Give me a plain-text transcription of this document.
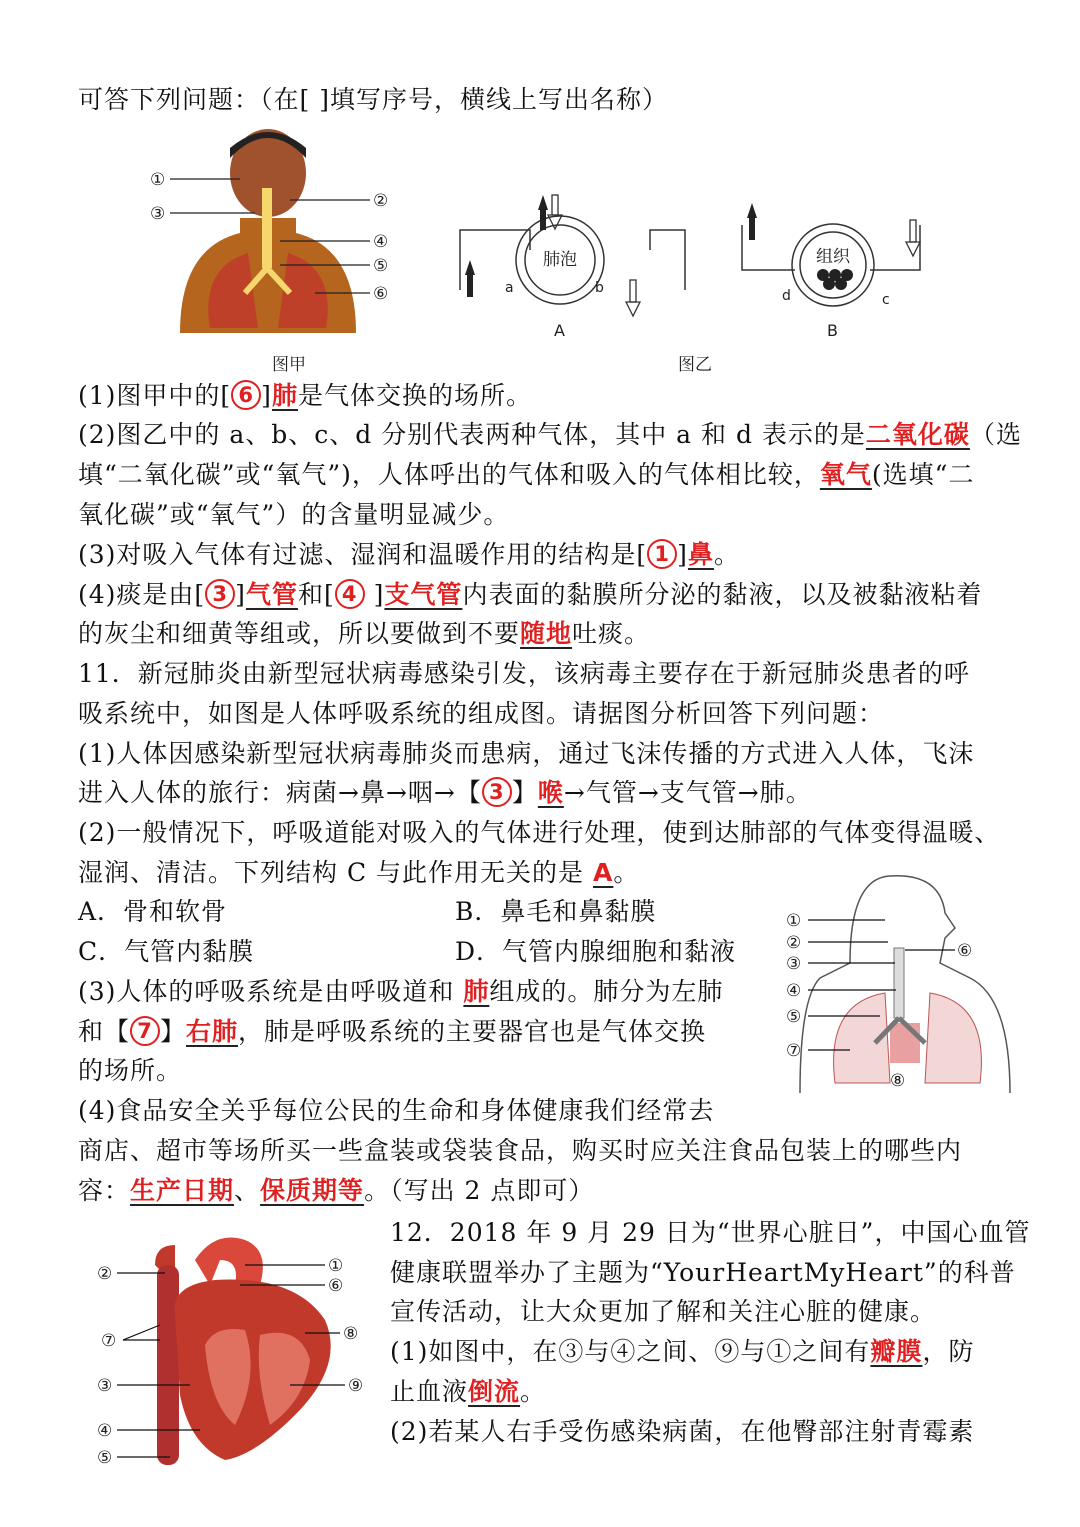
可答下列问题：（在[ ]填写序号，横线上写出名称）
①
③
②
④
⑤
⑥
图甲
肺泡	组织
a	b
c
d
A	B
图乙
(1)图甲中的[ 6 ]肺是气体交换的场所。
(2)图乙中的 a、b、c、d 分别代表两种气体，其中 a 和 d 表示的是二氧化碳（选
填“二氧化碳”或“氧气”)，人体呼出的气体和吸入的气体相比较，氧气(选填“二
氧化碳”或“氧气”）的含量明显减少。
(3)对吸入气体有过滤、湿润和温暖作用的结构是[ 1 ]鼻。
(4)痰是由[ 3 ]气管和[ 4 ]支气管内表面的黏膜所分泌的黏液，以及被黏液粘着
的灰尘和细黄等组或，所以要做到不要随地吐痰。
11．新冠肺炎由新型冠状病毒感染引发，该病毒主要存在于新冠肺炎患者的呼
吸系统中，如图是人体呼吸系统的组成图。请据图分析回答下列问题：
(1)人体因感染新型冠状病毒肺炎而患病，通过飞沫传播的方式进入人体，飞沫
进入人体的旅行：病菌→鼻→咽→【 3 】喉→气管→支气管→肺。
(2)一般情况下，呼吸道能对吸入的气体进行处理，使到达肺部的气体变得温暖、
湿润、清洁。下列结构 C 与此作用无关的是 A。
A．骨和软骨	B．鼻毛和鼻黏膜
C．气管内黏膜	D．气管内腺细胞和黏液
(3)人体的呼吸系统是由呼吸道和 肺组成的。肺分为左肺
和【 7 】右肺，肺是呼吸系统的主要器官也是气体交换
的场所。
(4)食品安全关乎每位公民的生命和身体健康我们经常去
商店、超市等场所买一些盒装或袋装食品，购买时应关注食品包装上的哪些内
容：生产日期、保质期等。（写出 2 点即可）
①
②
③
④
⑤
⑦
⑥
⑧
12．2018 年 9 月 29 日为“世界心脏日”，中国心血管
健康联盟举办了主题为“YourHeartMyHeart”的科普
宣传活动，让大众更加了解和关注心脏的健康。
(1)如图中，在③与④之间、⑨与①之间有瓣膜，防
止血液倒流。
(2)若某人右手受伤感染病菌，在他臀部注射青霉素
①
⑥
②
⑦
③
④
⑤
⑧
⑨
